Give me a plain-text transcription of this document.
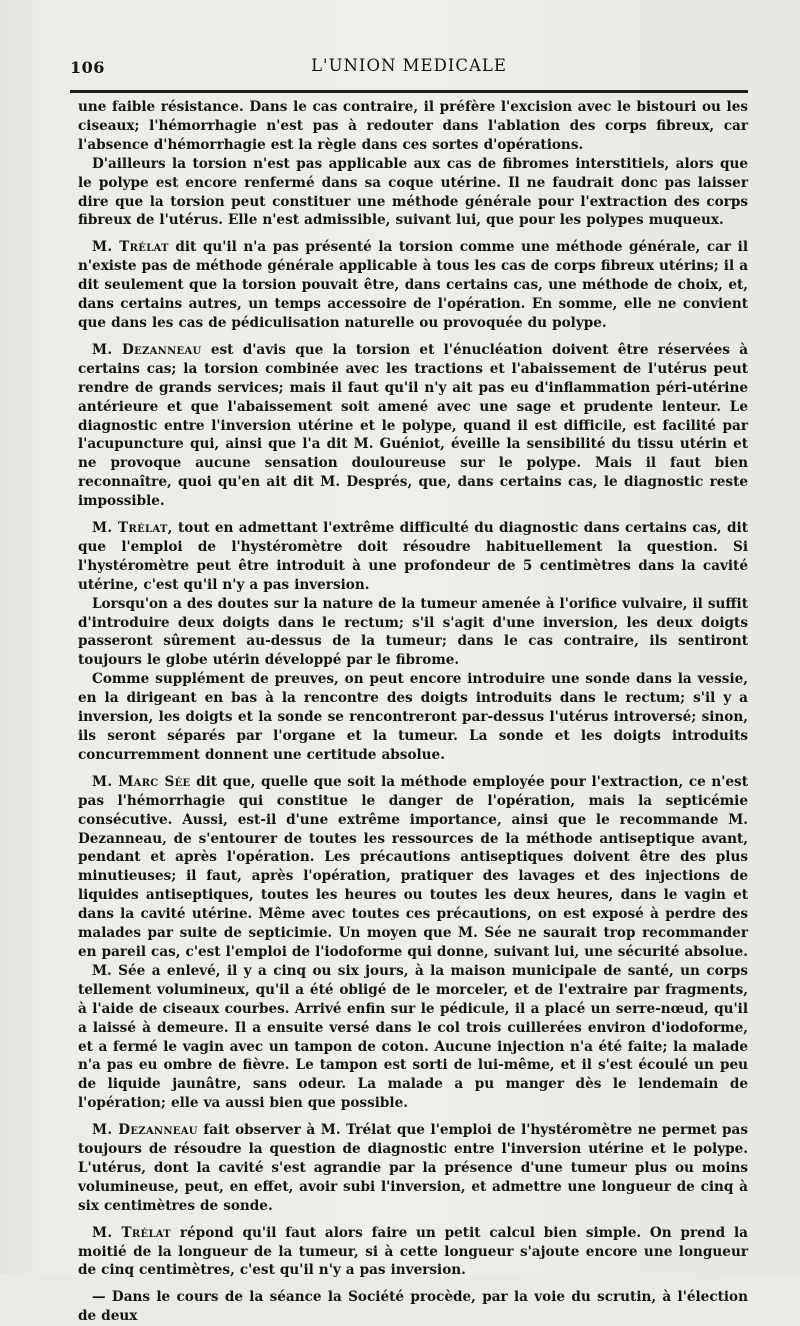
106	L'UNION MEDICALE

une faible résistance. Dans le cas contraire, il préfère l'excision avec le bistouri ou les ciseaux; l'hémorrhagie n'est pas à redouter dans l'ablation des corps fibreux, car l'absence d'hémorrhagie est la règle dans ces sortes d'opérations.

D'ailleurs la torsion n'est pas applicable aux cas de fibromes interstitiels, alors que le polype est encore renfermé dans sa coque utérine. Il ne faudrait donc pas laisser dire que la torsion peut constituer une méthode générale pour l'extraction des corps fibreux de l'utérus. Elle n'est admissible, suivant lui, que pour les polypes muqueux.

M. Trélat dit qu'il n'a pas présenté la torsion comme une méthode générale, car il n'existe pas de méthode générale applicable à tous les cas de corps fibreux utérins; il a dit seulement que la torsion pouvait être, dans certains cas, une méthode de choix, et, dans certains autres, un temps accessoire de l'opération. En somme, elle ne convient que dans les cas de pédiculisation naturelle ou provoquée du polype.

M. Dezanneau est d'avis que la torsion et l'énucléation doivent être réservées à certains cas; la torsion combinée avec les tractions et l'abaissement de l'utérus peut rendre de grands services; mais il faut qu'il n'y ait pas eu d'inflammation péri-utérine antérieure et que l'abaissement soit amené avec une sage et prudente lenteur. Le diagnostic entre l'inversion utérine et le polype, quand il est difficile, est facilité par l'acupuncture qui, ainsi que l'a dit M. Guéniot, éveille la sensibilité du tissu utérin et ne provoque aucune sensation douloureuse sur le polype. Mais il faut bien reconnaître, quoi qu'en ait dit M. Després, que, dans certains cas, le diagnostic reste impossible.

M. Trélat, tout en admettant l'extrême difficulté du diagnostic dans certains cas, dit que l'emploi de l'hystéromètre doit résoudre habituellement la question. Si l'hystéromètre peut être introduit à une profondeur de 5 centimètres dans la cavité utérine, c'est qu'il n'y a pas inversion.

Lorsqu'on a des doutes sur la nature de la tumeur amenée à l'orifice vulvaire, il suffit d'introduire deux doigts dans le rectum; s'il s'agit d'une inversion, les deux doigts passeront sûrement au-dessus de la tumeur; dans le cas contraire, ils sentiront toujours le globe utérin développé par le fibrome.

Comme supplément de preuves, on peut encore introduire une sonde dans la vessie, en la dirigeant en bas à la rencontre des doigts introduits dans le rectum; s'il y a inversion, les doigts et la sonde se rencontreront par-dessus l'utérus introversé; sinon, ils seront séparés par l'organe et la tumeur. La sonde et les doigts introduits concurremment donnent une certitude absolue.

M. Marc Sée dit que, quelle que soit la méthode employée pour l'extraction, ce n'est pas l'hémorrhagie qui constitue le danger de l'opération, mais la septicémie consécutive. Aussi, est-il d'une extrême importance, ainsi que le recommande M. Dezanneau, de s'entourer de toutes les ressources de la méthode antiseptique avant, pendant et après l'opération. Les précautions antiseptiques doivent être des plus minutieuses; il faut, après l'opération, pratiquer des lavages et des injections de liquides antiseptiques, toutes les heures ou toutes les deux heures, dans le vagin et dans la cavité utérine. Même avec toutes ces précautions, on est exposé à perdre des malades par suite de septicimie. Un moyen que M. Sée ne saurait trop recommander en pareil cas, c'est l'emploi de l'iodoforme qui donne, suivant lui, une sécurité absolue.

M. Sée a enlevé, il y a cinq ou six jours, à la maison municipale de santé, un corps tellement volumineux, qu'il a été obligé de le morceler, et de l'extraire par fragments, à l'aide de ciseaux courbes. Arrivé enfin sur le pédicule, il a placé un serre-nœud, qu'il a laissé à demeure. Il a ensuite versé dans le col trois cuillerées environ d'iodoforme, et a fermé le vagin avec un tampon de coton. Aucune injection n'a été faite; la malade n'a pas eu ombre de fièvre. Le tampon est sorti de lui-même, et il s'est écoulé un peu de liquide jaunâtre, sans odeur. La malade a pu manger dès le lendemain de l'opération; elle va aussi bien que possible.

M. Dezanneau fait observer à M. Trélat que l'emploi de l'hystéromètre ne permet pas toujours de résoudre la question de diagnostic entre l'inversion utérine et le polype. L'utérus, dont la cavité s'est agrandie par la présence d'une tumeur plus ou moins volumineuse, peut, en effet, avoir subi l'inversion, et admettre une longueur de cinq à six centimètres de sonde.

M. Trélat répond qu'il faut alors faire un petit calcul bien simple. On prend la moitié de la longueur de la tumeur, si à cette longueur s'ajoute encore une longueur de cinq centimètres, c'est qu'il n'y a pas inversion.

— Dans le cours de la séance la Société procède, par la voie du scrutin, à l'élection de deux
